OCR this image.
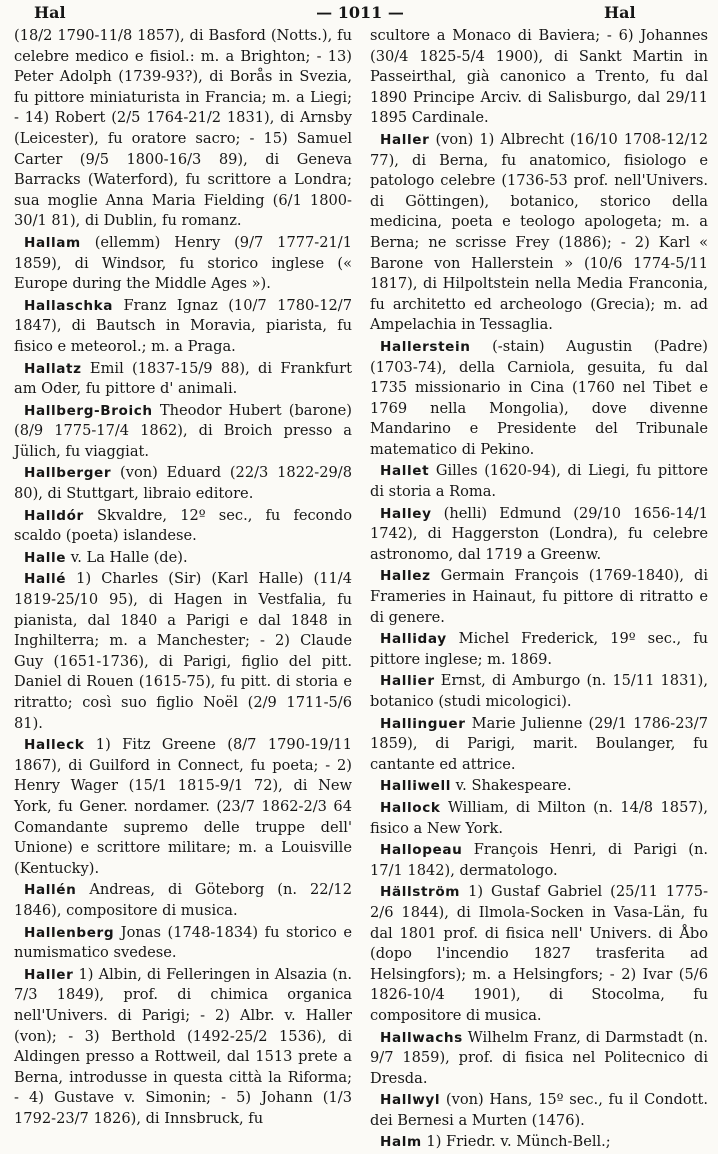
Hal	— 1011 —	Hal

(18/2 1790-11/8 1857), di Basford (Notts.), fu celebre medico e fisiol.: m. a Brighton; - 13) Peter Adolph (1739-93?), di Borås in Svezia, fu pittore miniaturista in Francia; m. a Liegi; - 14) Robert (2/5 1764-21/2 1831), di Arnsby (Leicester), fu oratore sacro; - 15) Samuel Carter (9/5 1800-16/3 89), di Geneva Barracks (Waterford), fu scrittore a Londra; sua moglie Anna Maria Fielding (6/1 1800-30/1 81), di Dublin, fu romanz.

Hallam (ellemm) Henry (9/7 1777-21/1 1859), di Windsor, fu storico inglese (« Europe during the Middle Ages »).

Hallaschka Franz Ignaz (10/7 1780-12/7 1847), di Bautsch in Moravia, piarista, fu fisico e meteorol.; m. a Praga.

Hallatz Emil (1837-15/9 88), di Frankfurt am Oder, fu pittore d' animali.

Hallberg-Broich Theodor Hubert (barone) (8/9 1775-17/4 1862), di Broich presso a Jülich, fu viaggiat.

Hallberger (von) Eduard (22/3 1822-29/8 80), di Stuttgart, libraio editore.

Halldór Skvaldre, 12º sec., fu fecondo scaldo (poeta) islandese.

Halle v. La Halle (de).

Hallé 1) Charles (Sir) (Karl Halle) (11/4 1819-25/10 95), di Hagen in Vestfalia, fu pianista, dal 1840 a Parigi e dal 1848 in Inghilterra; m. a Manchester; - 2) Claude Guy (1651-1736), di Parigi, figlio del pitt. Daniel di Rouen (1615-75), fu pitt. di storia e ritratto; così suo figlio Noël (2/9 1711-5/6 81).

Halleck 1) Fitz Greene (8/7 1790-19/11 1867), di Guilford in Connect, fu poeta; - 2) Henry Wager (15/1 1815-9/1 72), di New York, fu Gener. nordamer. (23/7 1862-2/3 64 Comandante supremo delle truppe dell' Unione) e scrittore militare; m. a Louisville (Kentucky).

Hallén Andreas, di Göteborg (n. 22/12 1846), compositore di musica.

Hallenberg Jonas (1748-1834) fu storico e numismatico svedese.

Haller 1) Albin, di Felleringen in Alsazia (n. 7/3 1849), prof. di chimica organica nell'Univers. di Parigi; - 2) Albr. v. Haller (von); - 3) Berthold (1492-25/2 1536), di Aldingen presso a Rottweil, dal 1513 prete a Berna, introdusse in questa città la Riforma; - 4) Gustave v. Simonin; - 5) Johann (1/3 1792-23/7 1826), di Innsbruck, fu

scultore a Monaco di Baviera; - 6) Johannes (30/4 1825-5/4 1900), di Sankt Martin in Passeirthal, già canonico a Trento, fu dal 1890 Principe Arciv. di Salisburgo, dal 29/11 1895 Cardinale.

Haller (von) 1) Albrecht (16/10 1708-12/12 77), di Berna, fu anatomico, fisiologo e patologo celebre (1736-53 prof. nell'Univers. di Göttingen), botanico, storico della medicina, poeta e teologo apologeta; m. a Berna; ne scrisse Frey (1886); - 2) Karl « Barone von Hallerstein » (10/6 1774-5/11 1817), di Hilpoltstein nella Media Franconia, fu architetto ed archeologo (Grecia); m. ad Ampelachia in Tessaglia.

Hallerstein (-stain) Augustin (Padre) (1703-74), della Carniola, gesuita, fu dal 1735 missionario in Cina (1760 nel Tibet e 1769 nella Mongolia), dove divenne Mandarino e Presidente del Tribunale matematico di Pekino.

Hallet Gilles (1620-94), di Liegi, fu pittore di storia a Roma.

Halley (helli) Edmund (29/10 1656-14/1 1742), di Haggerston (Londra), fu celebre astronomo, dal 1719 a Greenw.

Hallez Germain François (1769-1840), di Frameries in Hainaut, fu pittore di ritratto e di genere.

Halliday Michel Frederick, 19º sec., fu pittore inglese; m. 1869.

Hallier Ernst, di Amburgo (n. 15/11 1831), botanico (studi micologici).

Hallinguer Marie Julienne (29/1 1786-23/7 1859), di Parigi, marit. Boulanger, fu cantante ed attrice.

Halliwell v. Shakespeare.

Hallock William, di Milton (n. 14/8 1857), fisico a New York.

Hallopeau François Henri, di Parigi (n. 17/1 1842), dermatologo.

Hällström 1) Gustaf Gabriel (25/11 1775-2/6 1844), di Ilmola-Socken in Vasa-Län, fu dal 1801 prof. di fisica nell' Univers. di Åbo (dopo l'incendio 1827 trasferita ad Helsingfors); m. a Helsingfors; - 2) Ivar (5/6 1826-10/4 1901), di Stocolma, fu compositore di musica.

Hallwachs Wilhelm Franz, di Darmstadt (n. 9/7 1859), prof. di fisica nel Politecnico di Dresda.

Hallwyl (von) Hans, 15º sec., fu il Condott. dei Bernesi a Murten (1476).

Halm 1) Friedr. v. Münch-Bell.;
